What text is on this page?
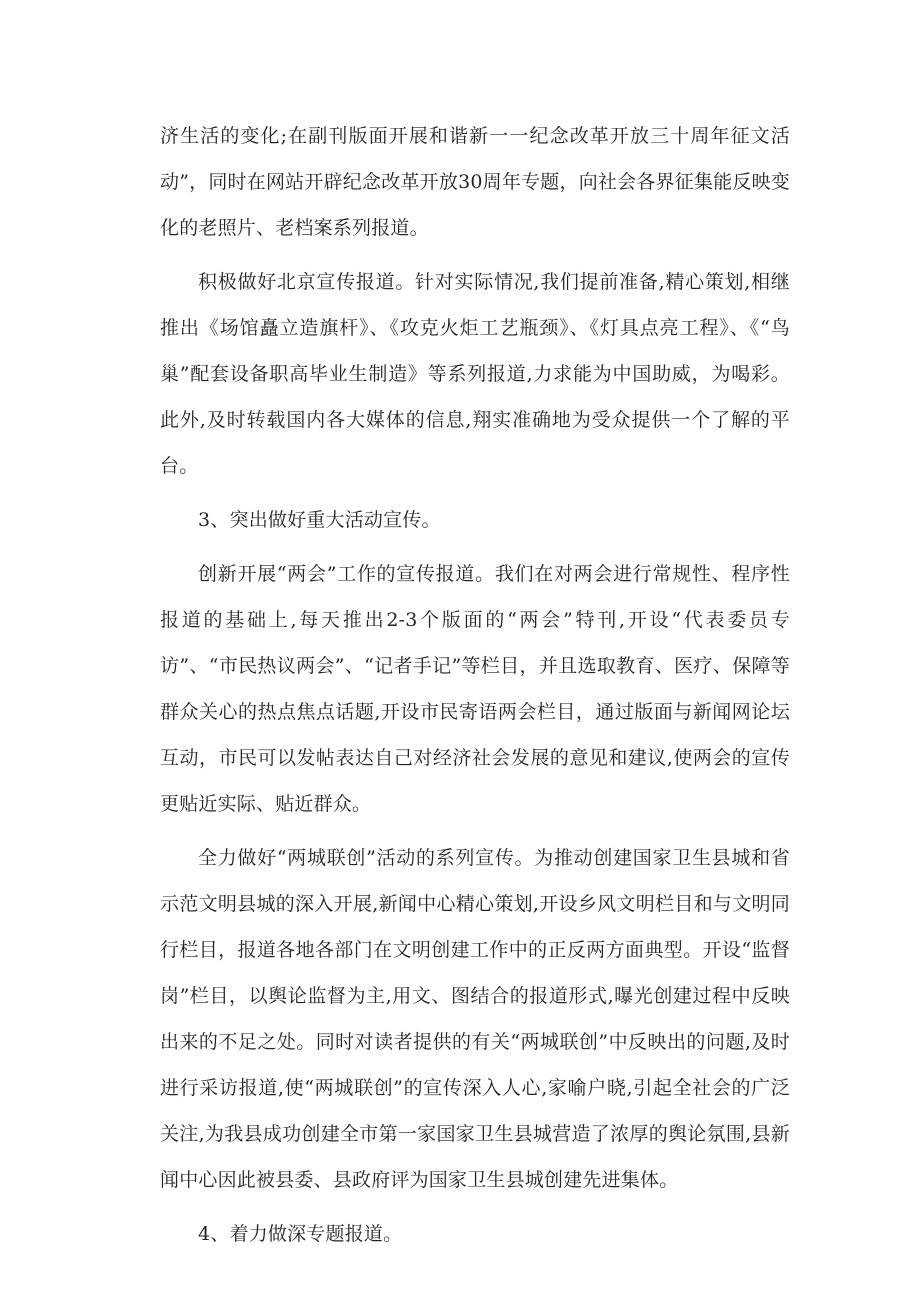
济生活的变化;在副刊版面开展和谐新一一纪念改革开放三十周年征文活动”，同时在网站开辟纪念改革开放30周年专题，向社会各界征集能反映变化的老照片、老档案系列报道。

积极做好北京宣传报道。针对实际情况,我们提前准备,精心策划,相继推出《场馆矗立造旗杆》、《攻克火炬工艺瓶颈》、《灯具点亮工程》、《“鸟巢”配套设备职高毕业生制造》等系列报道,力求能为中国助威，为喝彩。此外,及时转载国内各大媒体的信息,翔实准确地为受众提供一个了解的平台。

3、突出做好重大活动宣传。

创新开展“两会”工作的宣传报道。我们在对两会进行常规性、程序性报道的基础上,每天推出2-3个版面的“两会”特刊,开设“代表委员专访”、“市民热议两会”、“记者手记”等栏目，并且选取教育、医疗、保障等群众关心的热点焦点话题,开设市民寄语两会栏目，通过版面与新闻网论坛互动，市民可以发帖表达自己对经济社会发展的意见和建议,使两会的宣传更贴近实际、贴近群众。

全力做好“两城联创”活动的系列宣传。为推动创建国家卫生县城和省示范文明县城的深入开展,新闻中心精心策划,开设乡风文明栏目和与文明同行栏目，报道各地各部门在文明创建工作中的正反两方面典型。开设“监督岗”栏目，以舆论监督为主,用文、图结合的报道形式,曝光创建过程中反映出来的不足之处。同时对读者提供的有关“两城联创”中反映出的问题,及时进行采访报道,使“两城联创”的宣传深入人心,家喻户晓,引起全社会的广泛关注,为我县成功创建全市第一家国家卫生县城营造了浓厚的舆论氛围,县新闻中心因此被县委、县政府评为国家卫生县城创建先进集体。

4、着力做深专题报道。
